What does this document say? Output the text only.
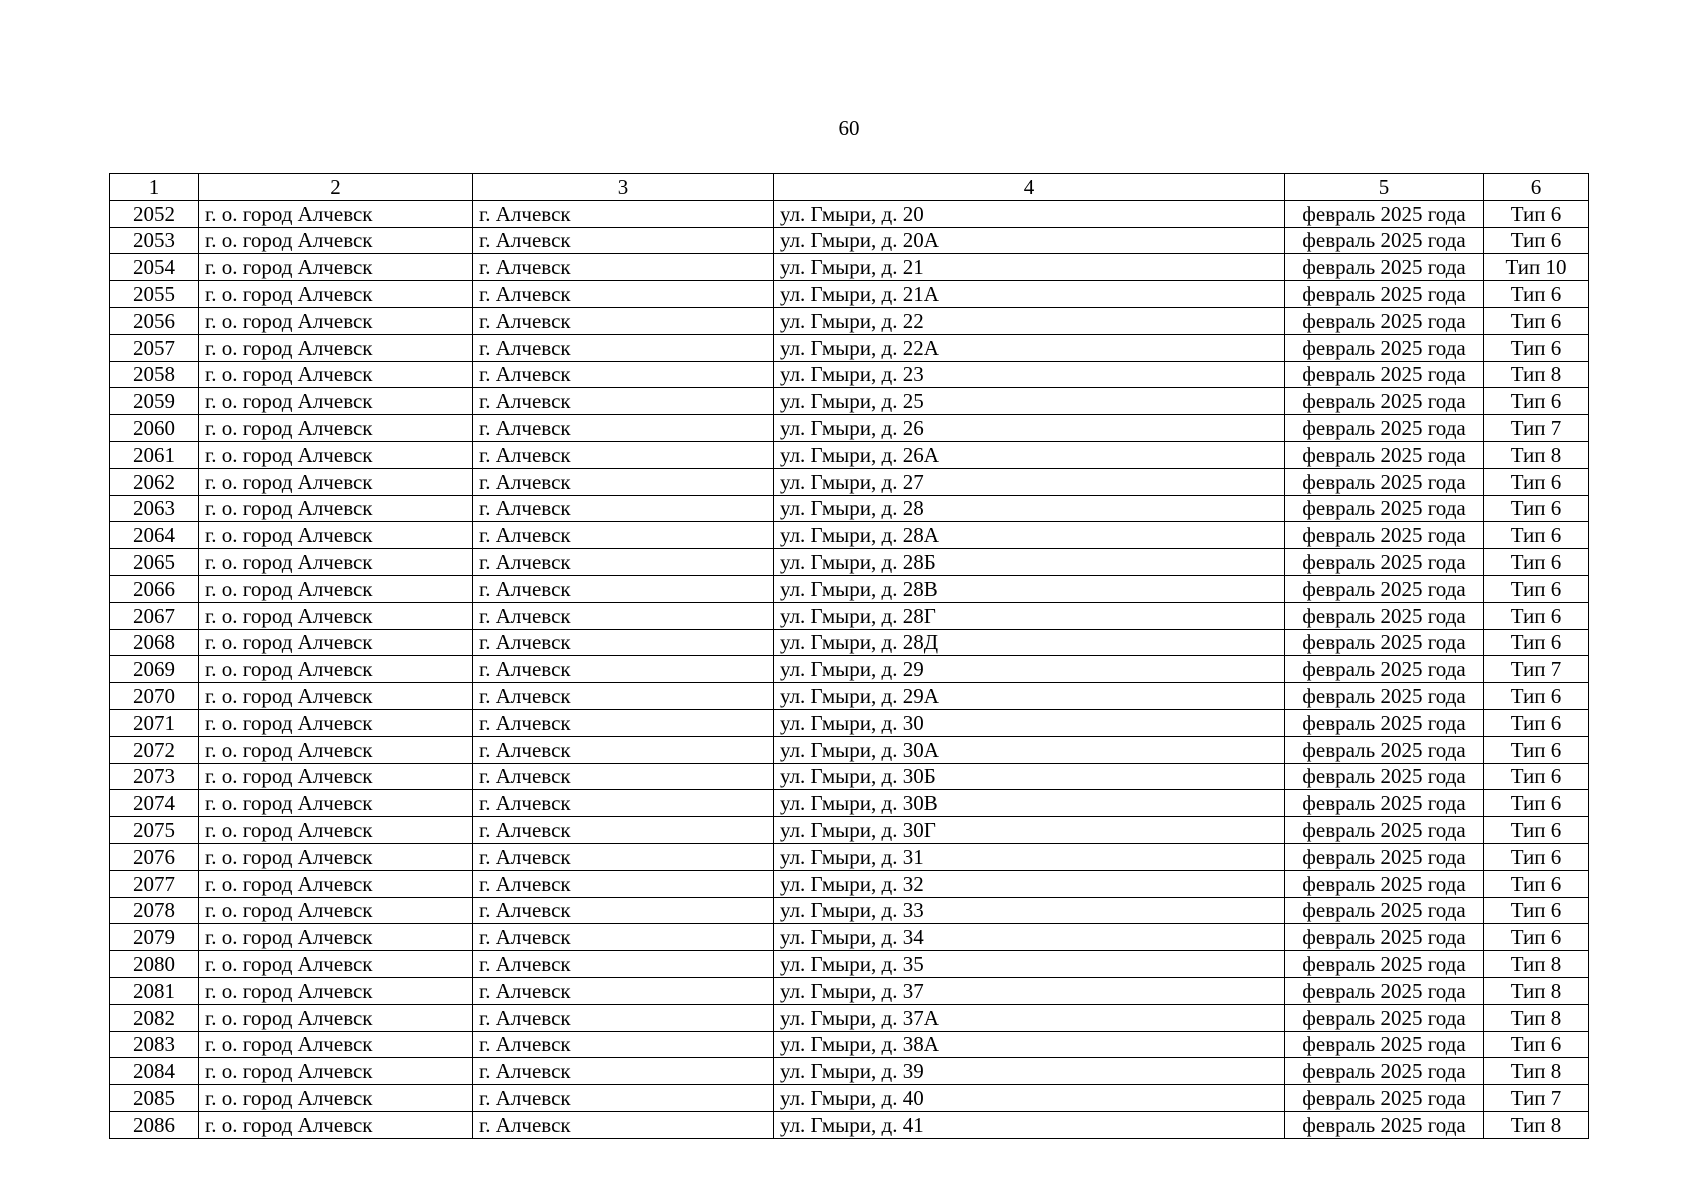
60
1	2	3	4	5	6
2052	г. о. город Алчевск	г. Алчевск	ул. Гмыри, д. 20	февраль 2025 года	Тип 6
2053	г. о. город Алчевск	г. Алчевск	ул. Гмыри, д. 20А	февраль 2025 года	Тип 6
2054	г. о. город Алчевск	г. Алчевск	ул. Гмыри, д. 21	февраль 2025 года	Тип 10
2055	г. о. город Алчевск	г. Алчевск	ул. Гмыри, д. 21А	февраль 2025 года	Тип 6
2056	г. о. город Алчевск	г. Алчевск	ул. Гмыри, д. 22	февраль 2025 года	Тип 6
2057	г. о. город Алчевск	г. Алчевск	ул. Гмыри, д. 22А	февраль 2025 года	Тип 6
2058	г. о. город Алчевск	г. Алчевск	ул. Гмыри, д. 23	февраль 2025 года	Тип 8
2059	г. о. город Алчевск	г. Алчевск	ул. Гмыри, д. 25	февраль 2025 года	Тип 6
2060	г. о. город Алчевск	г. Алчевск	ул. Гмыри, д. 26	февраль 2025 года	Тип 7
2061	г. о. город Алчевск	г. Алчевск	ул. Гмыри, д. 26А	февраль 2025 года	Тип 8
2062	г. о. город Алчевск	г. Алчевск	ул. Гмыри, д. 27	февраль 2025 года	Тип 6
2063	г. о. город Алчевск	г. Алчевск	ул. Гмыри, д. 28	февраль 2025 года	Тип 6
2064	г. о. город Алчевск	г. Алчевск	ул. Гмыри, д. 28А	февраль 2025 года	Тип 6
2065	г. о. город Алчевск	г. Алчевск	ул. Гмыри, д. 28Б	февраль 2025 года	Тип 6
2066	г. о. город Алчевск	г. Алчевск	ул. Гмыри, д. 28В	февраль 2025 года	Тип 6
2067	г. о. город Алчевск	г. Алчевск	ул. Гмыри, д. 28Г	февраль 2025 года	Тип 6
2068	г. о. город Алчевск	г. Алчевск	ул. Гмыри, д. 28Д	февраль 2025 года	Тип 6
2069	г. о. город Алчевск	г. Алчевск	ул. Гмыри, д. 29	февраль 2025 года	Тип 7
2070	г. о. город Алчевск	г. Алчевск	ул. Гмыри, д. 29А	февраль 2025 года	Тип 6
2071	г. о. город Алчевск	г. Алчевск	ул. Гмыри, д. 30	февраль 2025 года	Тип 6
2072	г. о. город Алчевск	г. Алчевск	ул. Гмыри, д. 30А	февраль 2025 года	Тип 6
2073	г. о. город Алчевск	г. Алчевск	ул. Гмыри, д. 30Б	февраль 2025 года	Тип 6
2074	г. о. город Алчевск	г. Алчевск	ул. Гмыри, д. 30В	февраль 2025 года	Тип 6
2075	г. о. город Алчевск	г. Алчевск	ул. Гмыри, д. 30Г	февраль 2025 года	Тип 6
2076	г. о. город Алчевск	г. Алчевск	ул. Гмыри, д. 31	февраль 2025 года	Тип 6
2077	г. о. город Алчевск	г. Алчевск	ул. Гмыри, д. 32	февраль 2025 года	Тип 6
2078	г. о. город Алчевск	г. Алчевск	ул. Гмыри, д. 33	февраль 2025 года	Тип 6
2079	г. о. город Алчевск	г. Алчевск	ул. Гмыри, д. 34	февраль 2025 года	Тип 6
2080	г. о. город Алчевск	г. Алчевск	ул. Гмыри, д. 35	февраль 2025 года	Тип 8
2081	г. о. город Алчевск	г. Алчевск	ул. Гмыри, д. 37	февраль 2025 года	Тип 8
2082	г. о. город Алчевск	г. Алчевск	ул. Гмыри, д. 37А	февраль 2025 года	Тип 8
2083	г. о. город Алчевск	г. Алчевск	ул. Гмыри, д. 38А	февраль 2025 года	Тип 6
2084	г. о. город Алчевск	г. Алчевск	ул. Гмыри, д. 39	февраль 2025 года	Тип 8
2085	г. о. город Алчевск	г. Алчевск	ул. Гмыри, д. 40	февраль 2025 года	Тип 7
2086	г. о. город Алчевск	г. Алчевск	ул. Гмыри, д. 41	февраль 2025 года	Тип 8
